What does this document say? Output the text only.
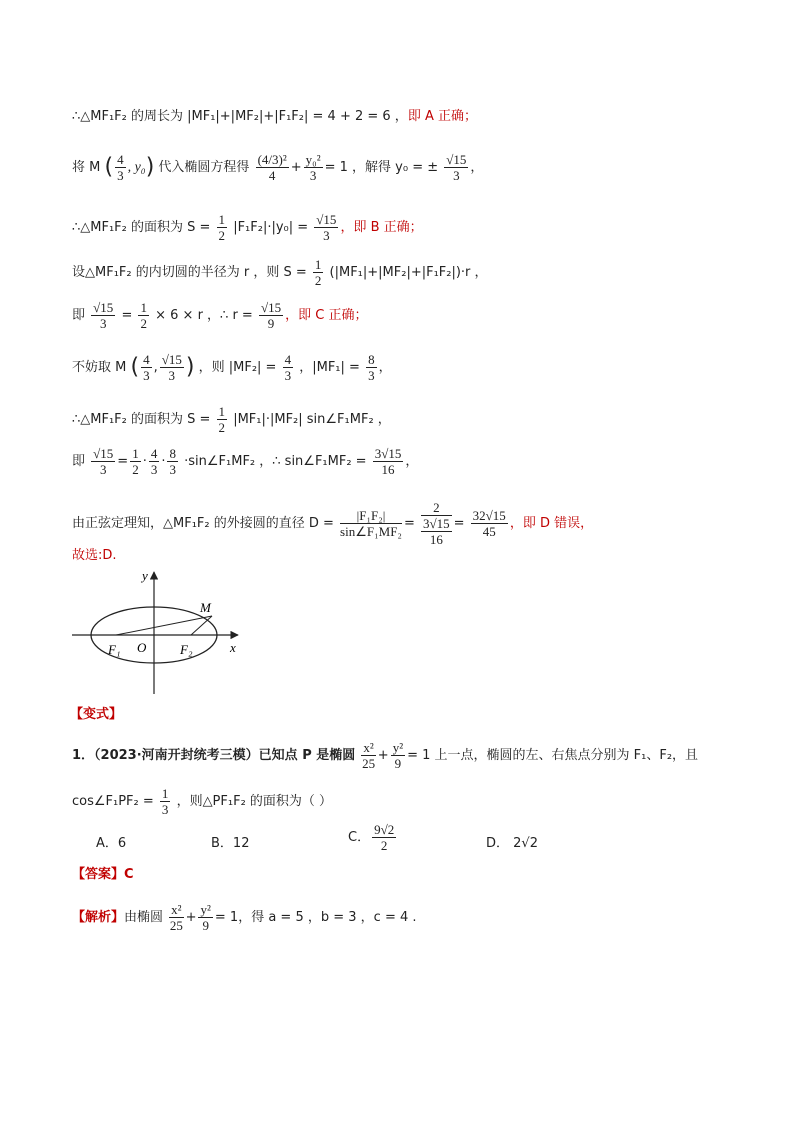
∴△MF₁F₂ 的周长为 |MF₁|+|MF₂|+|F₁F₂| = 4 + 2 = 6 ，即 A 正确；
将 M ( $\frac{4}{3}$ , y₀) 代入椭圆方程得 $\frac{\text{(4/3)²}}{4} + \frac{\text{y₀²}}{3} = 1$ ，解得 y₀ = ± $\frac{√15}{3}$ ，
∴△MF₁F₂ 的面积为 $S = \frac{1}{2} |F_1F_2|\cdot|y_0| = \frac{√15}{3}$ ，即 B 正确；
设△MF₁F₂ 的内切圆的半径为 r ，则 $S = \frac{1}{2} (|MF_1|+|MF_2|+|F_1F_2|)\cdot r$ ，
即 $\frac{√15}{3} = \frac{1}{2} \times 6 \times r$ ，∴ $r = \frac{√15}{9}$ ，即 C 正确；
不妨取 M ( $\frac{4}{3}$ , $\frac{√15}{3}$ ) ，则 $|MF_2| = \frac{4}{3}$ ，$|MF_1| = \frac{8}{3}$ ，
∴△MF₁F₂ 的面积为 $S = \frac{1}{2} |MF_1|\cdot|MF_2|$ sin∠F₁MF₂ ，
即 $\frac{√15}{3} = \frac{1}{2} \cdot \frac{4}{3} \cdot \frac{8}{3}$ ·sin∠F₁MF₂ ，∴ sin∠F₁MF₂ = $\frac{3√15}{16}$ ，
由正弦定理知，△MF₁F₂ 的外接圆的直径 $D = \frac{\text{|F₁F₂|}}{\text{sin∠F₁MF₂}} = \frac{2}{\frac{3√15}{16}} = \frac{32√15}{45}$ ，即 D 错误，
故选:D.
y
x
O
F₁	F₂
M
【变式】
1．（2023·河南开封统考三模）已知点 P 是椭圆 $\frac{\text{x²}}{25} + \frac{\text{y²}}{9} = 1$ 上一点，椭圆的左、右焦点分别为 F₁、F₂，且
cos∠F₁PF₂ = $\frac{1}{3}$ ，则△PF₁F₂ 的面积为（ ）
A．6	B．12	C． $\frac{9√2}{2}$	D． 2√2
【答案】C
【解析】由椭圆 $\frac{\text{x²}}{25} + \frac{\text{y²}}{9} = 1$，得 a = 5 ，b = 3 ，c = 4 .
